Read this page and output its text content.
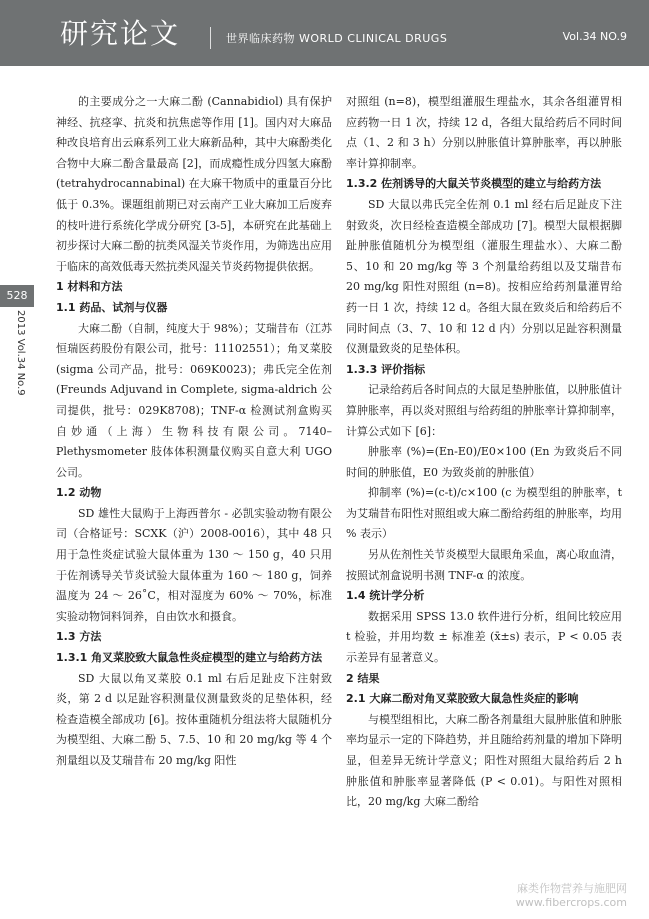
研究论文	世界临床药物 WORLD CLINICAL DRUGS	Vol.34 NO.9
528
2013 Vol.34 No.9

的主要成分之一大麻二酚 (Cannabidiol) 具有保护神经、抗痉挛、抗炎和抗焦虑等作用 [1]。国内对大麻品种改良培育出云麻系列工业大麻新品种，其中大麻酚类化合物中大麻二酚含量最高 [2]，而成瘾性成分四氢大麻酚 (tetrahydrocannabinal) 在大麻干物质中的重量百分比低于 0.3%。课题组前期已对云南产工业大麻加工后废弃的枝叶进行系统化学成分研究 [3-5]，本研究在此基础上初步探讨大麻二酚的抗类风湿关节炎作用，为筛选出应用于临床的高效低毒天然抗类风湿关节炎药物提供依据。

1 材料和方法
1.1 药品、试剂与仪器

大麻二酚（自制，纯度大于 98%）；艾瑞昔布（江苏恒瑞医药股份有限公司，批号：11102551）；角叉菜胶 (sigma 公司产品，批号：069K0023)；弗氏完全佐剂 (Freunds Adjuvand in Complete, sigma-aldrich 公司提供，批号：029K8708)；TNF-α 检测试剂盒购买自妙通（上海）生物科技有限公司。7140–Plethysmometer 肢体体积测量仪购买自意大利 UGO 公司。

1.2 动物

SD 雄性大鼠购于上海西普尔 - 必凯实验动物有限公司（合格证号：SCXK（沪）2008-0016），其中 48 只用于急性炎症试验大鼠体重为 130 ～ 150 g，40 只用于佐剂诱导关节炎试验大鼠体重为 160 ～ 180 g，饲养温度为 24 ～ 26˚C，相对湿度为 60% ～ 70%，标准实验动物饲料饲养，自由饮水和摄食。

1.3 方法
1.3.1 角叉菜胶致大鼠急性炎症模型的建立与给药方法

SD 大鼠以角叉菜胶 0.1 ml 右后足趾皮下注射致炎，第 2 d 以足趾容积测量仪测量致炎的足垫体积，经检查造模全部成功 [6]。按体重随机分组法将大鼠随机分为模型组、大麻二酚 5、7.5、10 和 20 mg/kg 等 4 个剂量组以及艾瑞昔布 20 mg/kg 阳性

对照组 (n=8)，模型组灌服生理盐水，其余各组灌胃相应药物一日 1 次，持续 12 d，各组大鼠给药后不同时间点（1、2 和 3 h）分别以肿胀值计算肿胀率，再以肿胀率计算抑制率。

1.3.2 佐剂诱导的大鼠关节炎模型的建立与给药方法

SD 大鼠以弗氏完全佐剂 0.1 ml 经右后足趾皮下注射致炎，次日经检查造模全部成功 [7]。模型大鼠根据脚趾肿胀值随机分为模型组（灌服生理盐水）、大麻二酚 5、10 和 20 mg/kg 等 3 个剂量给药组以及艾瑞昔布 20 mg/kg 阳性对照组 (n=8)。按相应给药剂量灌胃给药一日 1 次，持续 12 d。各组大鼠在致炎后和给药后不同时间点（3、7、10 和 12 d 内）分别以足趾容积测量仪测量致炎的足垫体积。

1.3.3 评价指标

记录给药后各时间点的大鼠足垫肿胀值，以肿胀值计算肿胀率，再以炎对照组与给药组的肿胀率计算抑制率，计算公式如下 [6]：

肿胀率 (%)=(En-E0)/E0×100 (En 为致炎后不同时间的肿胀值，E0 为致炎前的肿胀值）

抑制率 (%)=(c-t)/c×100 (c 为模型组的肿胀率，t 为艾瑞昔布阳性对照组或大麻二酚给药组的肿胀率，均用 % 表示）

另从佐剂性关节炎模型大鼠眼角采血，离心取血清，按照试剂盒说明书测 TNF-α 的浓度。

1.4 统计学分析

数据采用 SPSS 13.0 软件进行分析，组间比较应用 t 检验，并用均数 ± 标准差 (x̄±s) 表示，P < 0.05 表示差异有显著意义。

2 结果
2.1 大麻二酚对角叉菜胶致大鼠急性炎症的影响

与模型组相比，大麻二酚各剂量组大鼠肿胀值和肿胀率均显示一定的下降趋势，并且随给药剂量的增加下降明显，但差异无统计学意义；阳性对照组大鼠给药后 2 h 肿胀值和肿胀率显著降低 (P < 0.01)。与阳性对照相比，20 mg/kg 大麻二酚给

麻类作物营养与施肥网
www.fibercrops.com
